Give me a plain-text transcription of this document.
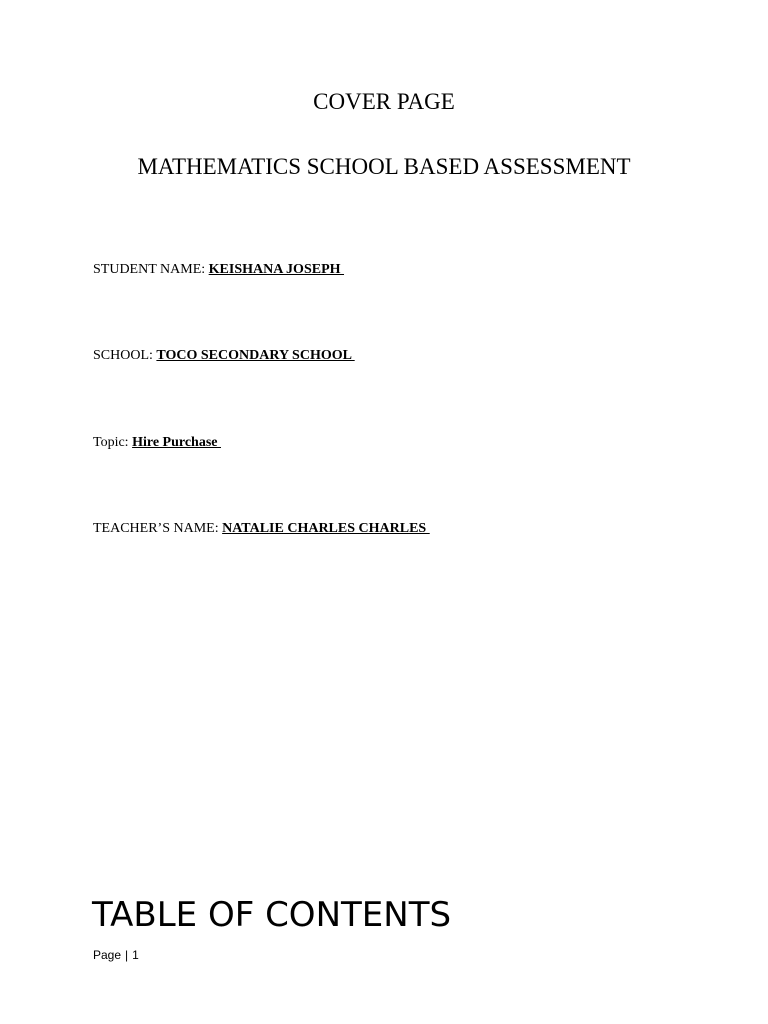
COVER PAGE
MATHEMATICS SCHOOL BASED ASSESSMENT
STUDENT NAME: KEISHANA JOSEPH
SCHOOL: TOCO SECONDARY SCHOOL
Topic: Hire Purchase
TEACHER’S NAME: NATALIE CHARLES CHARLES
TABLE OF CONTENTS
Page | 1
